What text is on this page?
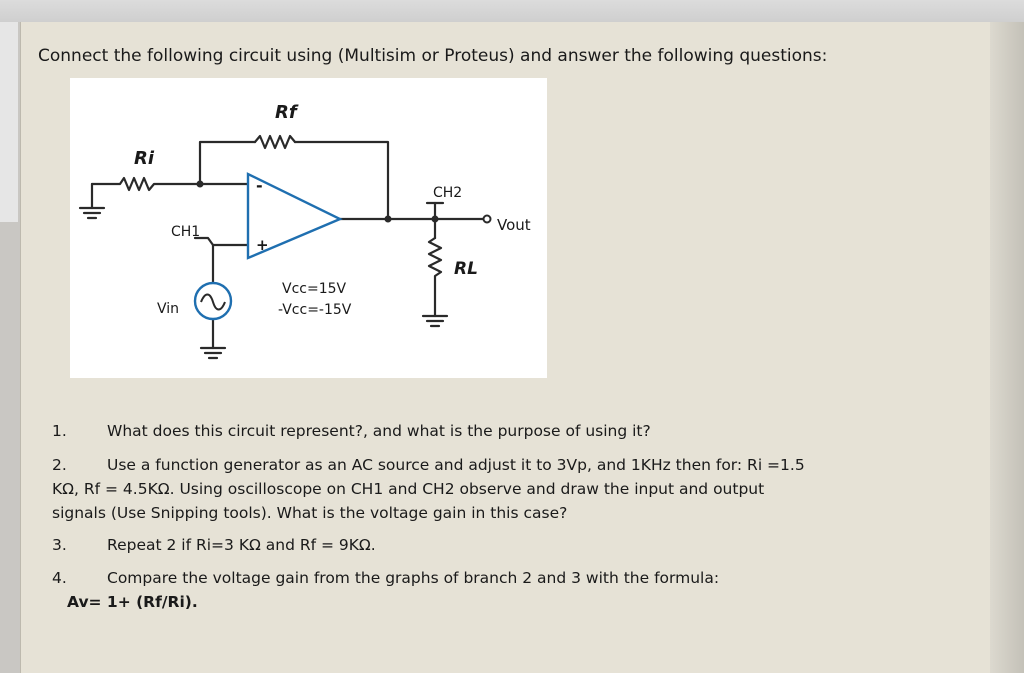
Connect the following circuit using (Multisim or Proteus) and answer the following questions:
Rf
Ri
-
+
CH1
CH2
Vout
RL
Vin
Vcc=15V
-Vcc=-15V
1.	What does this circuit represent?, and what is the purpose of using it?
2.	Use a function generator as an AC source and adjust it to 3Vp, and 1KHz then for: Ri =1.5
KΩ, Rf = 4.5KΩ. Using oscilloscope on CH1 and CH2 observe and draw the input and output
signals (Use Snipping tools). What is the voltage gain in this case?
3.	Repeat 2 if Ri=3 KΩ and Rf = 9KΩ.
4.	Compare the voltage gain from the graphs of branch 2 and 3 with the formula:
Av= 1+ (Rf/Ri).
